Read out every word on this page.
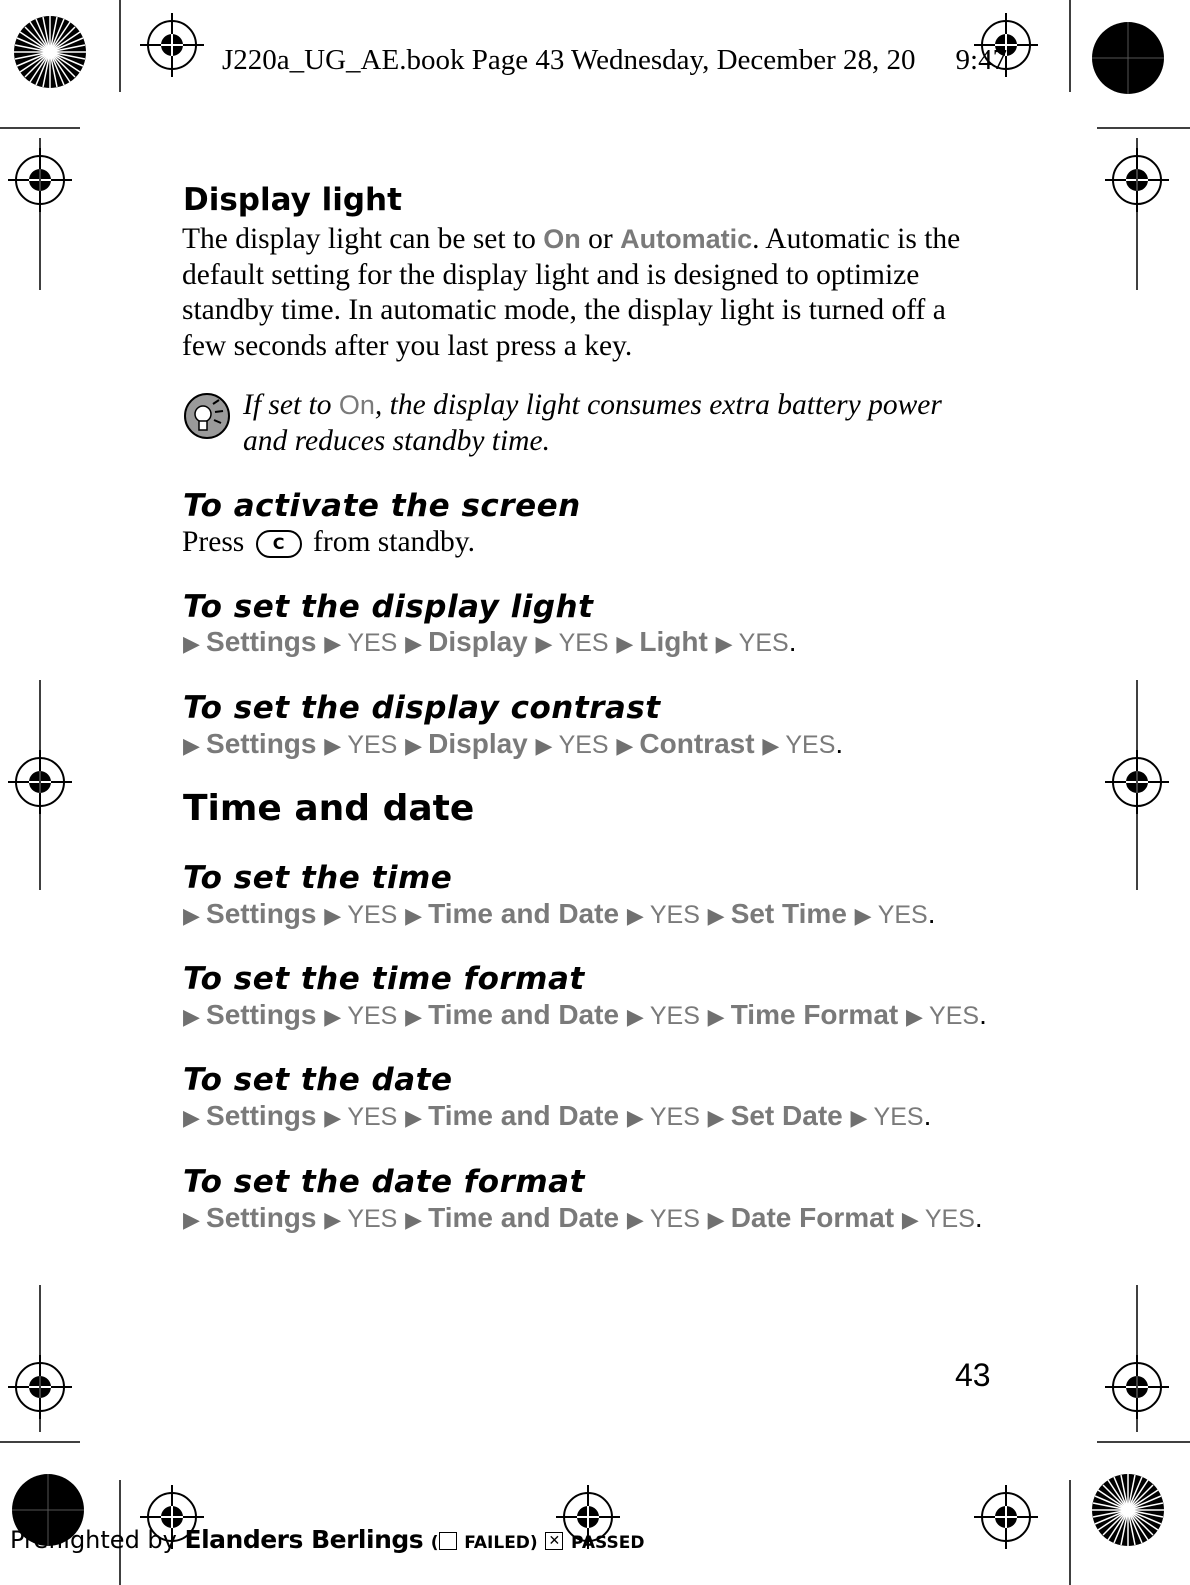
J220a_UG_AE.book Page 43 Wednesday, December 28, 20 9:47
Display light
The display light can be set to On or Automatic. Automatic is the default setting for the display light and is designed to optimize standby time. In automatic mode, the display light is turned off a few seconds after you last press a key.
If set to On, the display light consumes extra battery power and reduces standby time.
To activate the screen
Press C from standby.
To set the display light
▶ Settings ▶ YES ▶ Display ▶ YES ▶ Light ▶ YES.
To set the display contrast
▶ Settings ▶ YES ▶ Display ▶ YES ▶ Contrast ▶ YES.
Time and date
To set the time
▶ Settings ▶ YES ▶ Time and Date ▶ YES ▶ Set Time ▶ YES.
To set the time format
▶ Settings ▶ YES ▶ Time and Date ▶ YES ▶ Time Format ▶ YES.
To set the date
▶ Settings ▶ YES ▶ Time and Date ▶ YES ▶ Set Date ▶ YES.
To set the date format
▶ Settings ▶ YES ▶ Time and Date ▶ YES ▶ Date Format ▶ YES.
43
Preflighted by Elanders Berlings ( FAILED) ✕ PASSED
